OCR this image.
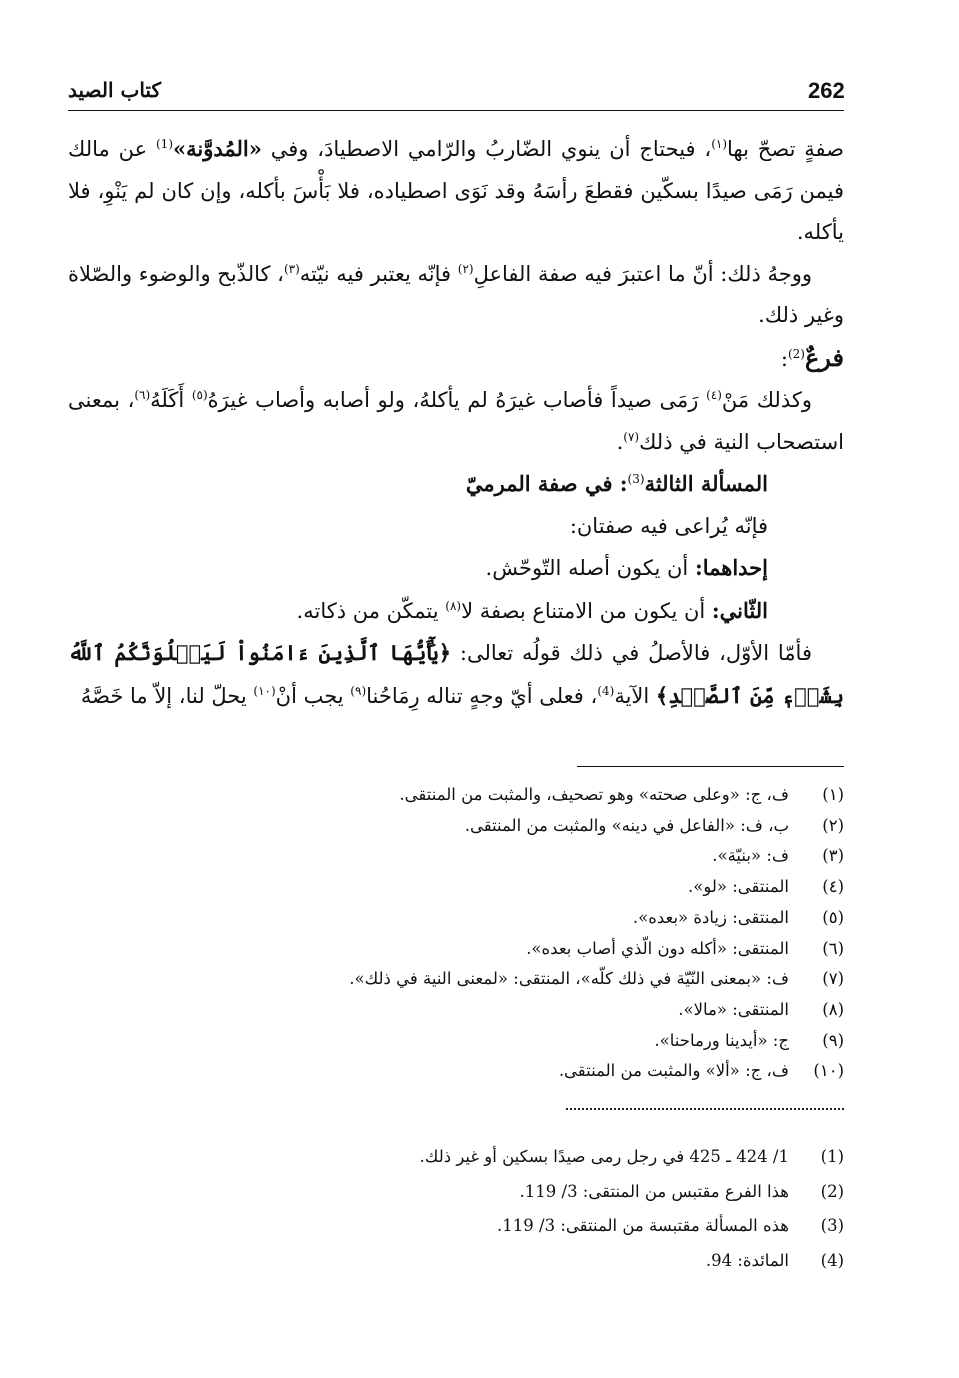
262
كتاب الصيد

صفةٍ تصحّ بها$^{(١)}$، فيحتاج أن ينوي الضّاربُ والرّامي الاصطيادَ، وفي «المُدوَّنة»$^{(1)}$ عن مالك فيمن رَمَى صيدًا بسكّين فقطعَ رأسَهُ وقد نَوَى اصطياده، فلا بَأْسَ بأكله، وإن كان لم يَنْوِ، فلا يأكله.

ووجهُ ذلك: أنّ ما اعتبرَ فيه صفة الفاعلِ$^{(٢)}$ فإنّه يعتبر فيه نيّته$^{(٣)}$، كالذّبح والوضوء والصّلاة وغير ذلك.

فرعٌ$^{(2)}$:

وكذلك مَنْ$^{(٤)}$ رَمَى صيداً فأصاب غيرَهُ لم يأكلهُ، ولو أصابه وأصاب غيرَهُ$^{(٥)}$ أَكَلَهُ$^{(٦)}$، بمعنى استصحاب النية في ذلك$^{(٧)}$.

المسألة الثالثة$^{(3)}$: في صفة المرميّ

فإنّه يُراعى فيه صفتان:

إحداهما: أن يكون أصله التّوحّش.

الثّاني: أن يكون من الامتناع بصفة لا$^{(٨)}$ يتمكّن من ذكاته.

فأمّا الأوّل، فالأصلُ في ذلك قولُه تعالى: ﴿يَٰٓأَيُّهَا ٱلَّذِينَ ءَامَنُواْ لَيَبۡلُوَنَّكُمُ ٱللَّهُ بِشَيۡءٖ مِّنَ ٱلصَّيۡدِ﴾ الآية$^{(4)}$، فعلى أيّ وجهٍ تناله رِمَاحُنا$^{(٩)}$ يجب أنْ$^{(١٠)}$ يحلّ لنا، إلاّ ما خَصَّهُ

(١)
ف، ج: «وعلى صحته» وهو تصحيف، والمثبت من المنتقى.
(٢)
ب، ف: «الفاعل في دينه» والمثبت من المنتقى.
(٣)
ف: «بنيّة».
(٤)
المنتقى: «لو».
(٥)
المنتقى: زيادة «بعده».
(٦)
المنتقى: «أكله دون الّذي أصاب بعده».
(٧)
ف: «بمعنى النّيّة في ذلك كلّه»، المنتقى: «لمعنى النية في ذلك».
(٨)
المنتقى: «مالا».
(٩)
ج: «أيدينا ورماحنا».
(١٠)
ف، ج: «ألا» والمثبت من المنتقى.
(1)
1/ 424 ـ 425 في رجل رمى صيدًا بسكين أو غير ذلك.
(2)
هذا الفرع مقتبس من المنتقى: 3/ 119.
(3)
هذه المسألة مقتبسة من المنتقى: 3/ 119.
(4)
المائدة: 94.
